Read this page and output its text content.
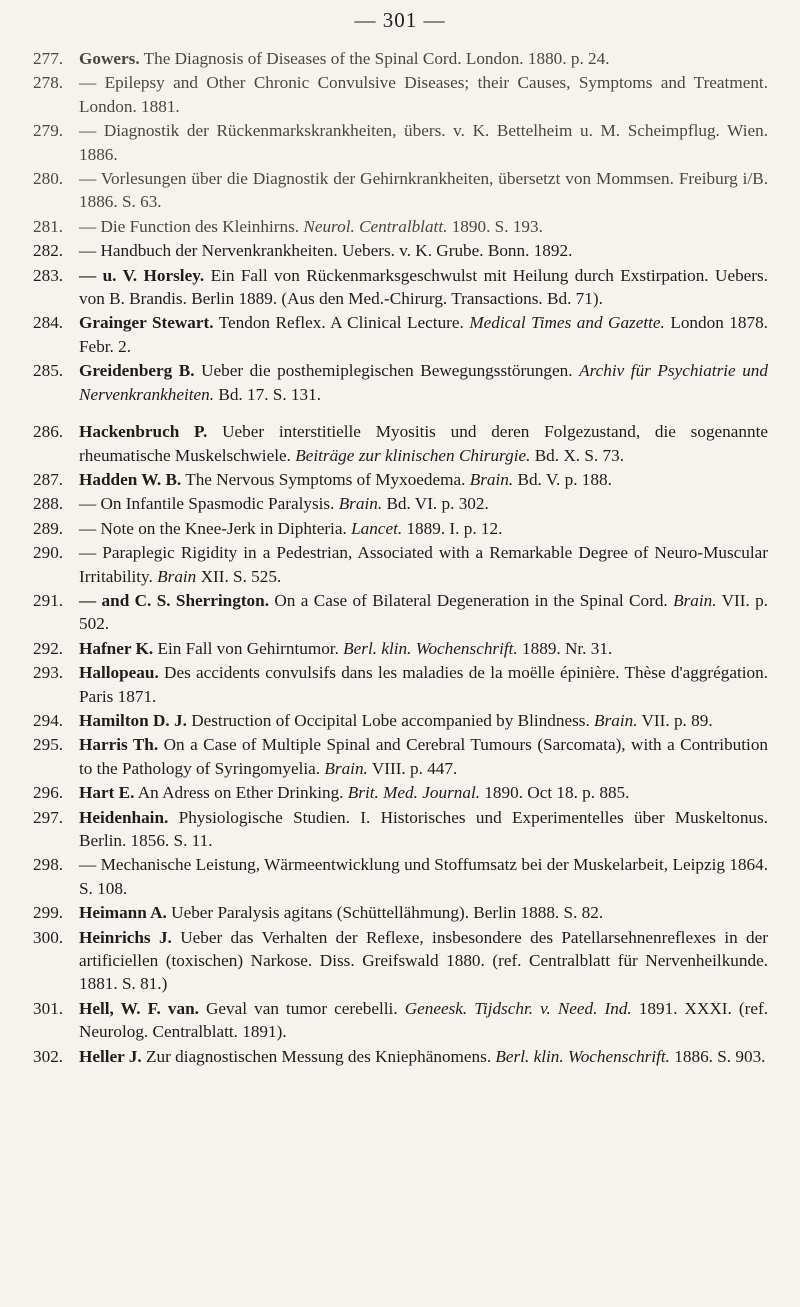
— 301 —
277. Gowers. The Diagnosis of Diseases of the Spinal Cord. London. 1880. p. 24.
278. — Epilepsy and Other Chronic Convulsive Diseases; their Causes, Symptoms and Treatment. London. 1881.
279. — Diagnostik der Rückenmarkskrankheiten, übers. v. K. Bettelheim u. M. Scheimpflug. Wien. 1886.
280. — Vorlesungen über die Diagnostik der Gehirnkrankheiten, übersetzt von Mommsen. Freiburg i/B. 1886. S. 63.
281. — Die Function des Kleinhirns. Neurol. Centralblatt. 1890. S. 193.
282. — Handbuch der Nervenkrankheiten. Uebers. v. K. Grube. Bonn. 1892.
283. — u. V. Horsley. Ein Fall von Rückenmarksgeschwulst mit Heilung durch Exstirpation. Uebers. von B. Brandis. Berlin 1889. (Aus den Med.-Chirurg. Transactions. Bd. 71).
284. Grainger Stewart. Tendon Reflex. A Clinical Lecture. Medical Times and Gazette. London 1878. Febr. 2.
285. Greidenberg B. Ueber die posthemiplegischen Bewegungsstörungen. Archiv für Psychiatrie und Nervenkrankheiten. Bd. 17. S. 131.
286. Hackenbruch P. Ueber interstitielle Myositis und deren Folgezustand, die sogenannte rheumatische Muskelschwiele. Beiträge zur klinischen Chirurgie. Bd. X. S. 73.
287. Hadden W. B. The Nervous Symptoms of Myxoedema. Brain. Bd. V. p. 188.
288. — On Infantile Spasmodic Paralysis. Brain. Bd. VI. p. 302.
289. — Note on the Knee-Jerk in Diphteria. Lancet. 1889. I. p. 12.
290. — Paraplegic Rigidity in a Pedestrian, Associated with a Remarkable Degree of Neuro-Muscular Irritability. Brain XII. S. 525.
291. — and C. S. Sherrington. On a Case of Bilateral Degeneration in the Spinal Cord. Brain. VII. p. 502.
292. Hafner K. Ein Fall von Gehirntumor. Berl. klin. Wochenschrift. 1889. Nr. 31.
293. Hallopeau. Des accidents convulsifs dans les maladies de la moëlle épinière. Thèse d'aggrégation. Paris 1871.
294. Hamilton D. J. Destruction of Occipital Lobe accompanied by Blindness. Brain. VII. p. 89.
295. Harris Th. On a Case of Multiple Spinal and Cerebral Tumours (Sarcomata), with a Contribution to the Pathology of Syringomyelia. Brain. VIII. p. 447.
296. Hart E. An Adress on Ether Drinking. Brit. Med. Journal. 1890. Oct 18. p. 885.
297. Heidenhain. Physiologische Studien. I. Historisches und Experimentelles über Muskeltonus. Berlin. 1856. S. 11.
298. — Mechanische Leistung, Wärmeentwicklung und Stoffumsatz bei der Muskelarbeit, Leipzig 1864. S. 108.
299. Heimann A. Ueber Paralysis agitans (Schüttellähmung). Berlin 1888. S. 82.
300. Heinrichs J. Ueber das Verhalten der Reflexe, insbesondere des Patellarsehnenreflexes in der artificiellen (toxischen) Narkose. Diss. Greifswald 1880. (ref. Centralblatt für Nervenheilkunde. 1881. S. 81.)
301. Hell, W. F. van. Geval van tumor cerebelli. Geneesk. Tijdschr. v. Need. Ind. 1891. XXXI. (ref. Neurolog. Centralblatt. 1891).
302. Heller J. Zur diagnostischen Messung des Kniephänomens. Berl. klin. Wochenschrift. 1886. S. 903.
